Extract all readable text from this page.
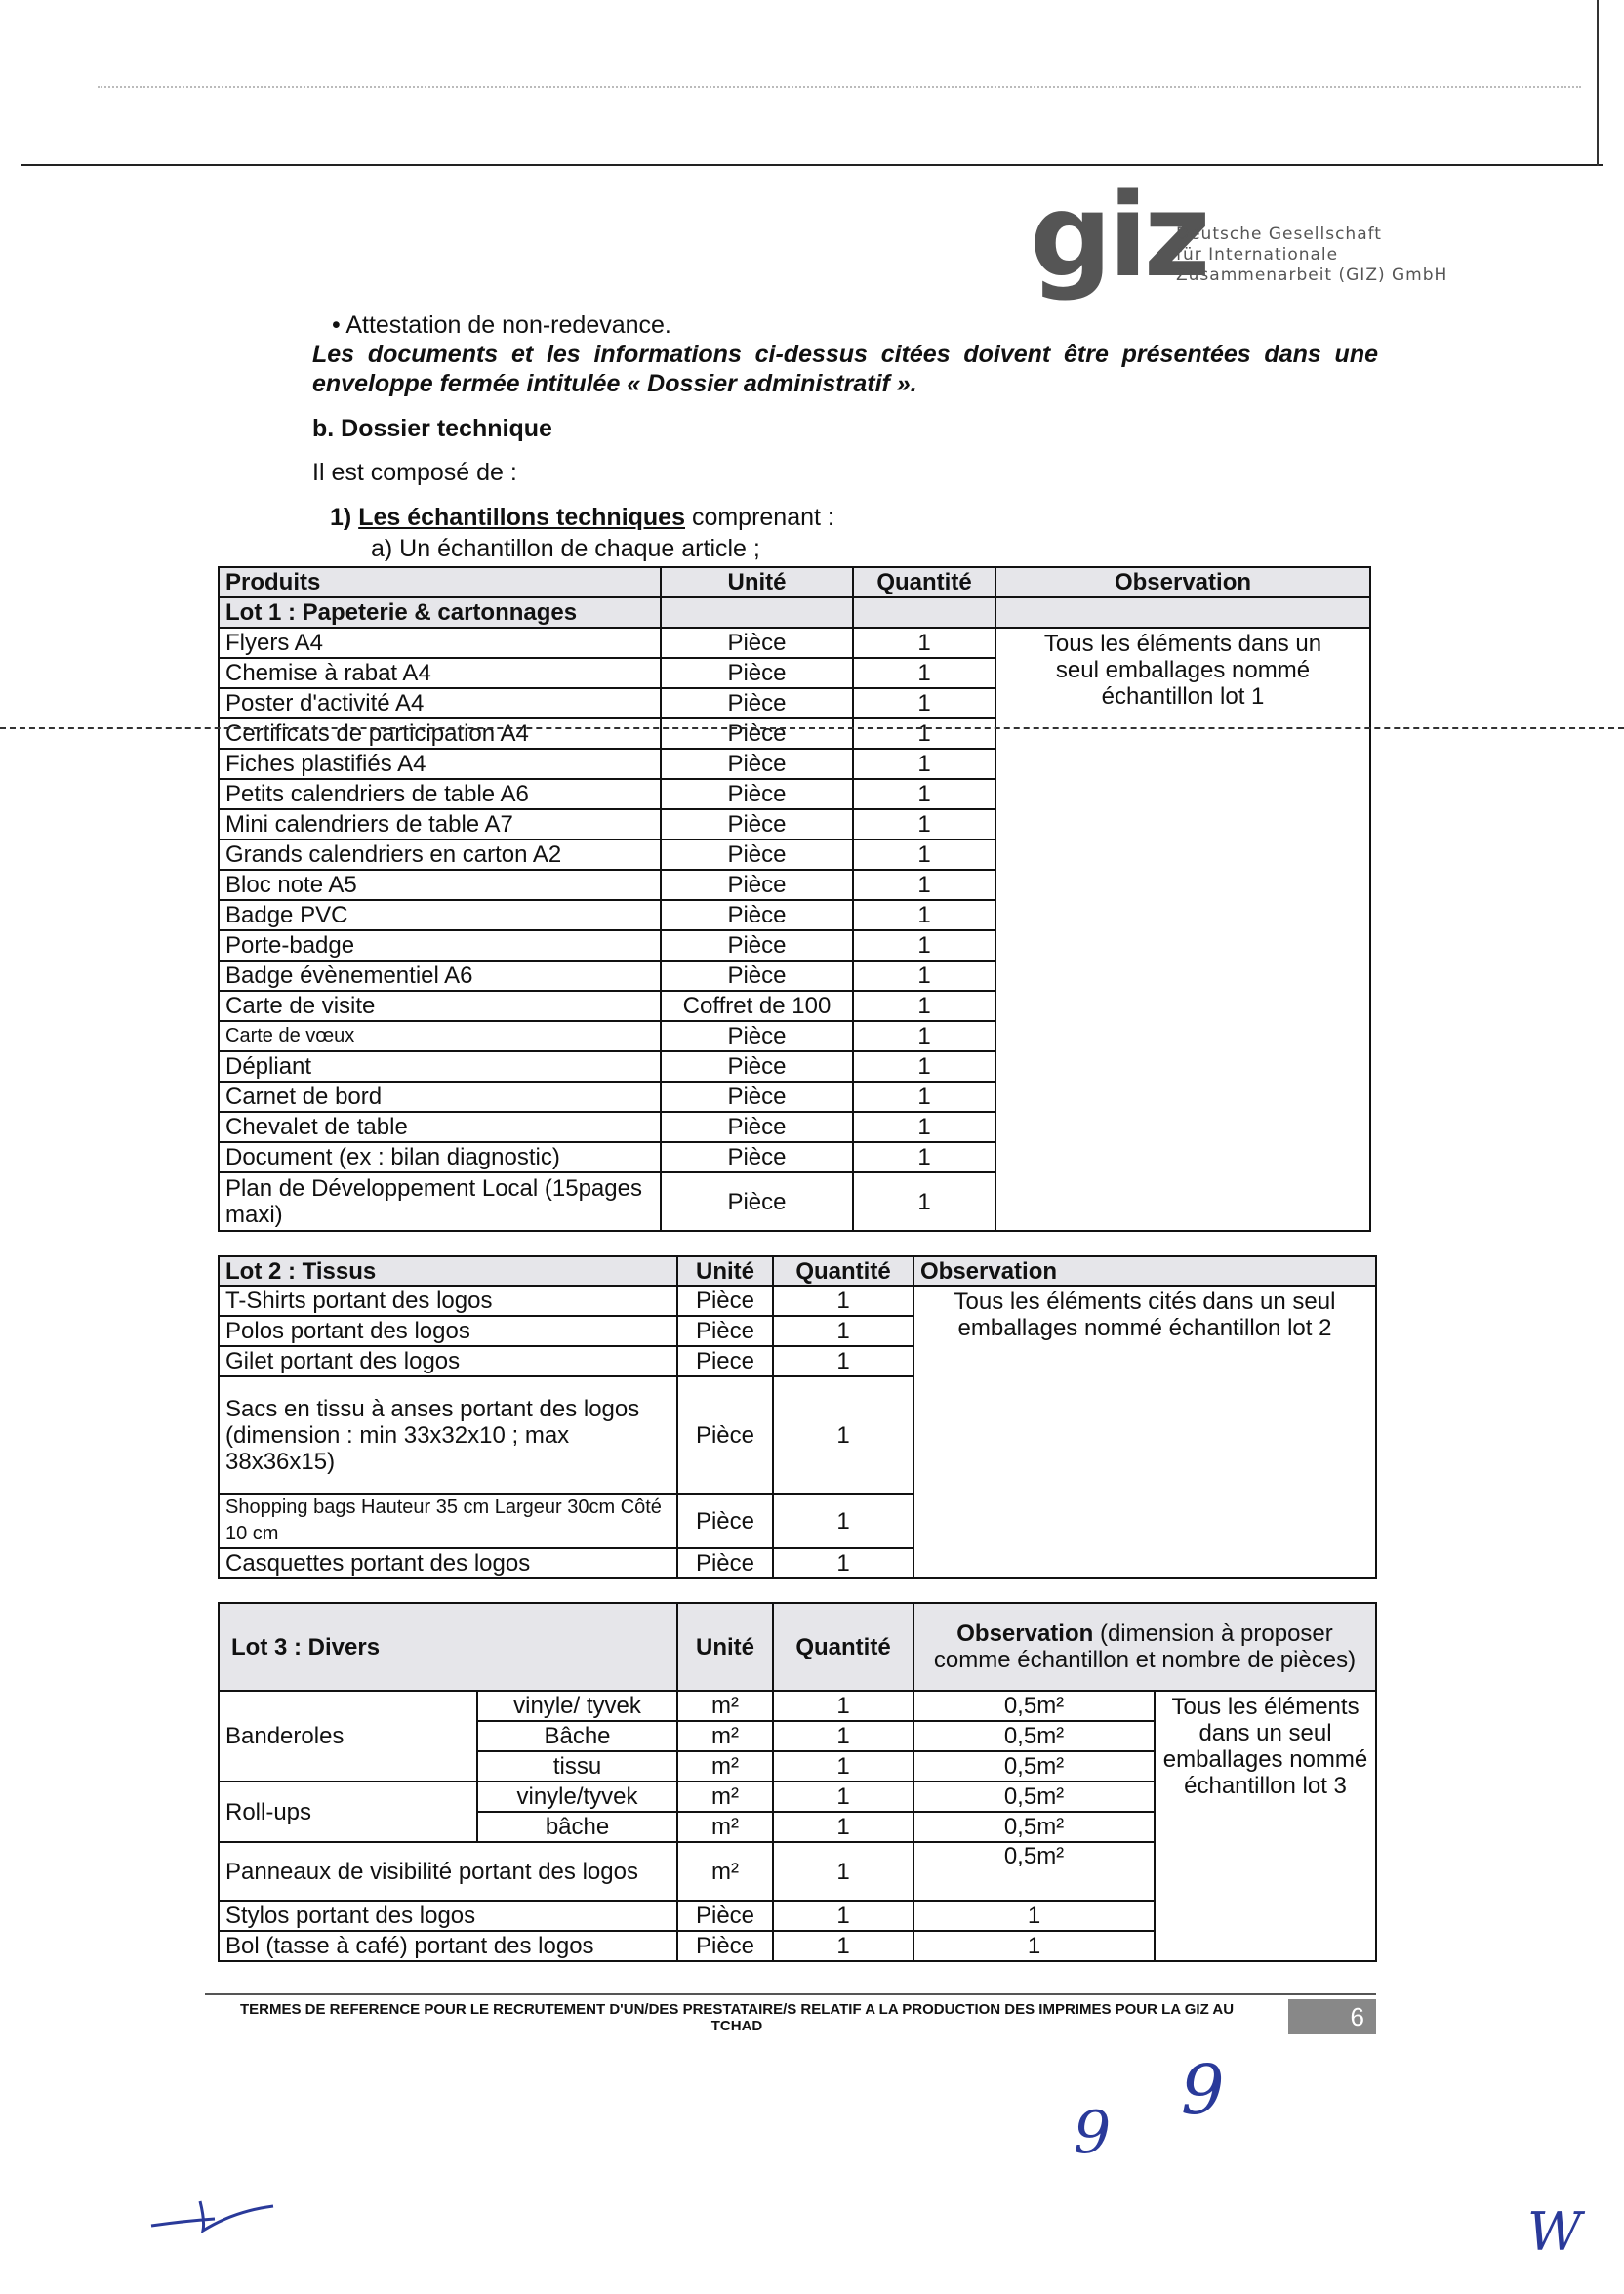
giz
Deutsche Gesellschaft
für Internationale
Zusammenarbeit (GIZ) GmbH
• Attestation de non-redevance.
Les documents et les informations ci-dessus citées doivent être présentées dans une
enveloppe fermée intitulée « Dossier administratif ».
b. Dossier technique
Il est composé de :
1) Les échantillons techniques comprenant :
a) Un échantillon de chaque article ;
Produits	Unité	Quantité	Observation
Lot 1 : Papeterie & cartonnages			
Flyers A4	Pièce	1	Tous les éléments dans un seul emballages nommé échantillon lot 1
Chemise à rabat A4	Pièce	1	
Poster d'activité A4	Pièce	1	
Certificats de participation A4	Pièce	1	
Fiches plastifiés A4	Pièce	1	
Petits calendriers de table A6	Pièce	1	
Mini calendriers de table A7	Pièce	1	
Grands calendriers en carton A2	Pièce	1	
Bloc note A5	Pièce	1	
Badge PVC	Pièce	1	
Porte-badge	Pièce	1	
Badge évènementiel A6	Pièce	1	
Carte de visite	Coffret de 100	1	
Carte de vœux	Pièce	1	
Dépliant	Pièce	1	
Carnet de bord	Pièce	1	
Chevalet de table	Pièce	1	
Document (ex : bilan diagnostic)	Pièce	1	
Plan de Développement Local (15pages maxi)	Pièce	1	
Lot 2 : Tissus	Unité	Quantité	Observation
T-Shirts portant des logos	Pièce	1	Tous les éléments cités dans un seul emballages nommé échantillon lot 2
Polos portant des logos	Pièce	1	
Gilet portant des logos	Piece	1	
Sacs en tissu à anses portant des logos (dimension : min 33x32x10 ; max 38x36x15)	Pièce	1	
Shopping bags Hauteur 35 cm Largeur 30cm Côté 10 cm	Pièce	1	
Casquettes portant des logos	Pièce	1	
Lot 3 : Divers		Unité	Quantité	Observation (dimension à proposer comme échantillon et nombre de pièces)	
Banderoles	vinyle/ tyvek	m²	1	0,5m²	Tous les éléments dans un seul emballages nommé échantillon lot 3
	Bâche	m²	1	0,5m²	
	tissu	m²	1	0,5m²	
Roll-ups	vinyle/tyvek	m²	1	0,5m²	
	bâche	m²	1	0,5m²	
Panneaux de visibilité portant des logos		m²	1	0,5m²	
Stylos portant des logos		Pièce	1	1	
Bol (tasse à café) portant des logos		Pièce	1	1	
TERMES DE REFERENCE POUR LE RECRUTEMENT D'UN/DES PRESTATAIRE/S RELATIF A LA PRODUCTION DES IMPRIMES POUR LA GIZ AU TCHAD	6
9
9
W
